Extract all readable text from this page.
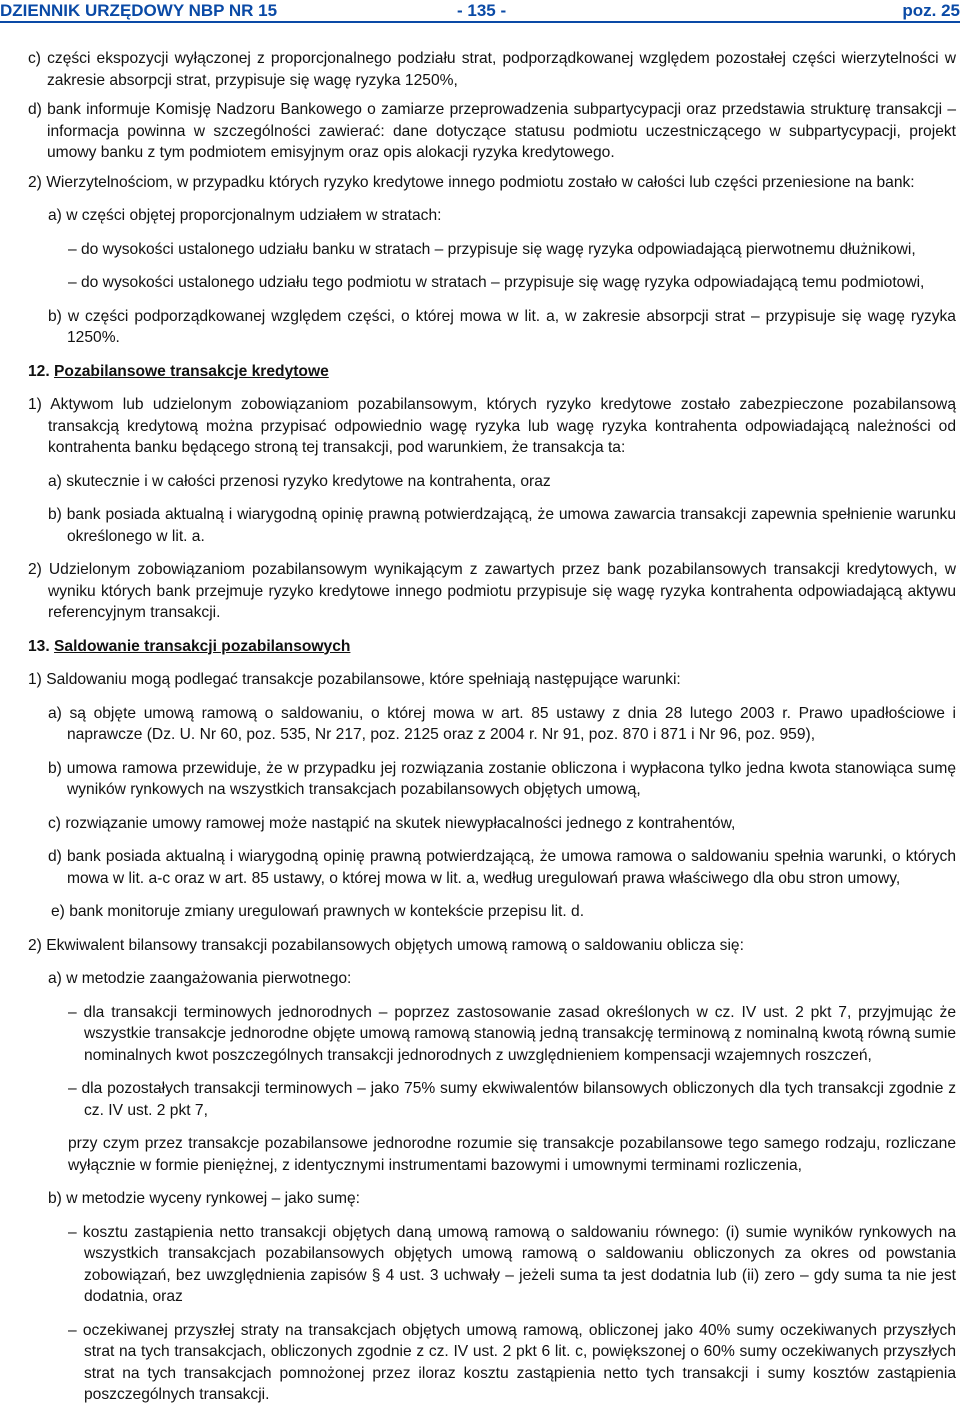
DZIENNIK URZĘDOWY NBP NR 15	- 135 -	poz. 25

c) części ekspozycji wyłączonej z proporcjonalnego podziału strat, podporządkowanej względem pozostałej części wierzytelności w zakresie absorpcji strat, przypisuje się wagę ryzyka 1250%,

d) bank informuje Komisję Nadzoru Bankowego o zamiarze przeprowadzenia subpartycypacji oraz przedstawia strukturę transakcji – informacja powinna w szczególności zawierać: dane dotyczące statusu podmiotu uczestniczącego w subpartycypacji, projekt umowy banku z tym podmiotem emisyjnym oraz opis alokacji ryzyka kredytowego.

2) Wierzytelnościom, w przypadku których ryzyko kredytowe innego podmiotu zostało w całości lub części przeniesione na bank:

a) w części objętej proporcjonalnym udziałem w stratach:

– do wysokości ustalonego udziału banku w stratach – przypisuje się wagę ryzyka odpowiadającą pierwotnemu dłużnikowi,

– do wysokości ustalonego udziału tego podmiotu w stratach – przypisuje się wagę ryzyka odpowiadającą temu podmiotowi,

b) w części podporządkowanej względem części, o której mowa w lit. a, w zakresie absorpcji strat – przypisuje się wagę ryzyka 1250%.

12. Pozabilansowe transakcje kredytowe

1) Aktywom lub udzielonym zobowiązaniom pozabilansowym, których ryzyko kredytowe zostało zabezpieczone pozabilansową transakcją kredytową można przypisać odpowiednio wagę ryzyka lub wagę ryzyka kontrahenta odpowiadającą należności od kontrahenta banku będącego stroną tej transakcji, pod warunkiem, że transakcja ta:

a) skutecznie i w całości przenosi ryzyko kredytowe na kontrahenta, oraz

b) bank posiada aktualną i wiarygodną opinię prawną potwierdzającą, że umowa zawarcia transakcji zapewnia spełnienie warunku określonego w lit. a.

2) Udzielonym zobowiązaniom pozabilansowym wynikającym z zawartych przez bank pozabilansowych transakcji kredytowych, w wyniku których bank przejmuje ryzyko kredytowe innego podmiotu przypisuje się wagę ryzyka kontrahenta odpowiadającą aktywu referencyjnym transakcji.

13. Saldowanie transakcji pozabilansowych

1) Saldowaniu mogą podlegać transakcje pozabilansowe, które spełniają następujące warunki:

a) są objęte umową ramową o saldowaniu, o której mowa w art. 85 ustawy z dnia 28 lutego 2003 r. Prawo upadłościowe i naprawcze (Dz. U. Nr 60, poz. 535, Nr 217, poz. 2125 oraz z 2004 r. Nr 91, poz. 870 i 871 i Nr 96, poz. 959),

b) umowa ramowa przewiduje, że w przypadku jej rozwiązania zostanie obliczona i wypłacona tylko jedna kwota stanowiąca sumę wyników rynkowych na wszystkich transakcjach pozabilansowych objętych umową,

c) rozwiązanie umowy ramowej może nastąpić na skutek niewypłacalności jednego z kontrahentów,

d) bank posiada aktualną i wiarygodną opinię prawną potwierdzającą, że umowa ramowa o saldowaniu spełnia warunki, o których mowa w lit. a-c oraz w art. 85 ustawy, o której mowa w lit. a, według uregulowań prawa właściwego dla obu stron umowy,

e) bank monitoruje zmiany uregulowań prawnych w kontekście przepisu lit. d.

2) Ekwiwalent bilansowy transakcji pozabilansowych objętych umową ramową o saldowaniu oblicza się:

a) w metodzie zaangażowania pierwotnego:

– dla transakcji terminowych jednorodnych – poprzez zastosowanie zasad określonych w cz. IV ust. 2 pkt 7, przyjmując że wszystkie transakcje jednorodne objęte umową ramową stanowią jedną transakcję terminową z nominalną kwotą równą sumie nominalnych kwot poszczególnych transakcji jednorodnych z uwzględnieniem kompensacji wzajemnych roszczeń,

– dla pozostałych transakcji terminowych – jako 75% sumy ekwiwalentów bilansowych obliczonych dla tych transakcji zgodnie z cz. IV ust. 2 pkt 7,

przy czym przez transakcje pozabilansowe jednorodne rozumie się transakcje pozabilansowe tego samego rodzaju, rozliczane wyłącznie w formie pieniężnej, z identycznymi instrumentami bazowymi i umownymi terminami rozliczenia,

b) w metodzie wyceny rynkowej – jako sumę:

– kosztu zastąpienia netto transakcji objętych daną umową ramową o saldowaniu równego: (i) sumie wyników rynkowych na wszystkich transakcjach pozabilansowych objętych umową ramową o saldowaniu obliczonych za okres od powstania zobowiązań, bez uwzględnienia zapisów § 4 ust. 3 uchwały – jeżeli suma ta jest dodatnia lub (ii) zero – gdy suma ta nie jest dodatnia, oraz

– oczekiwanej przyszłej straty na transakcjach objętych umową ramową, obliczonej jako 40% sumy oczekiwanych przyszłych strat na tych transakcjach, obliczonych zgodnie z cz. IV ust. 2 pkt 6 lit. c, powiększonej o 60% sumy oczekiwanych przyszłych strat na tych transakcjach pomnożonej przez iloraz kosztu zastąpienia netto tych transakcji i sumy kosztów zastąpienia poszczególnych transakcji.
